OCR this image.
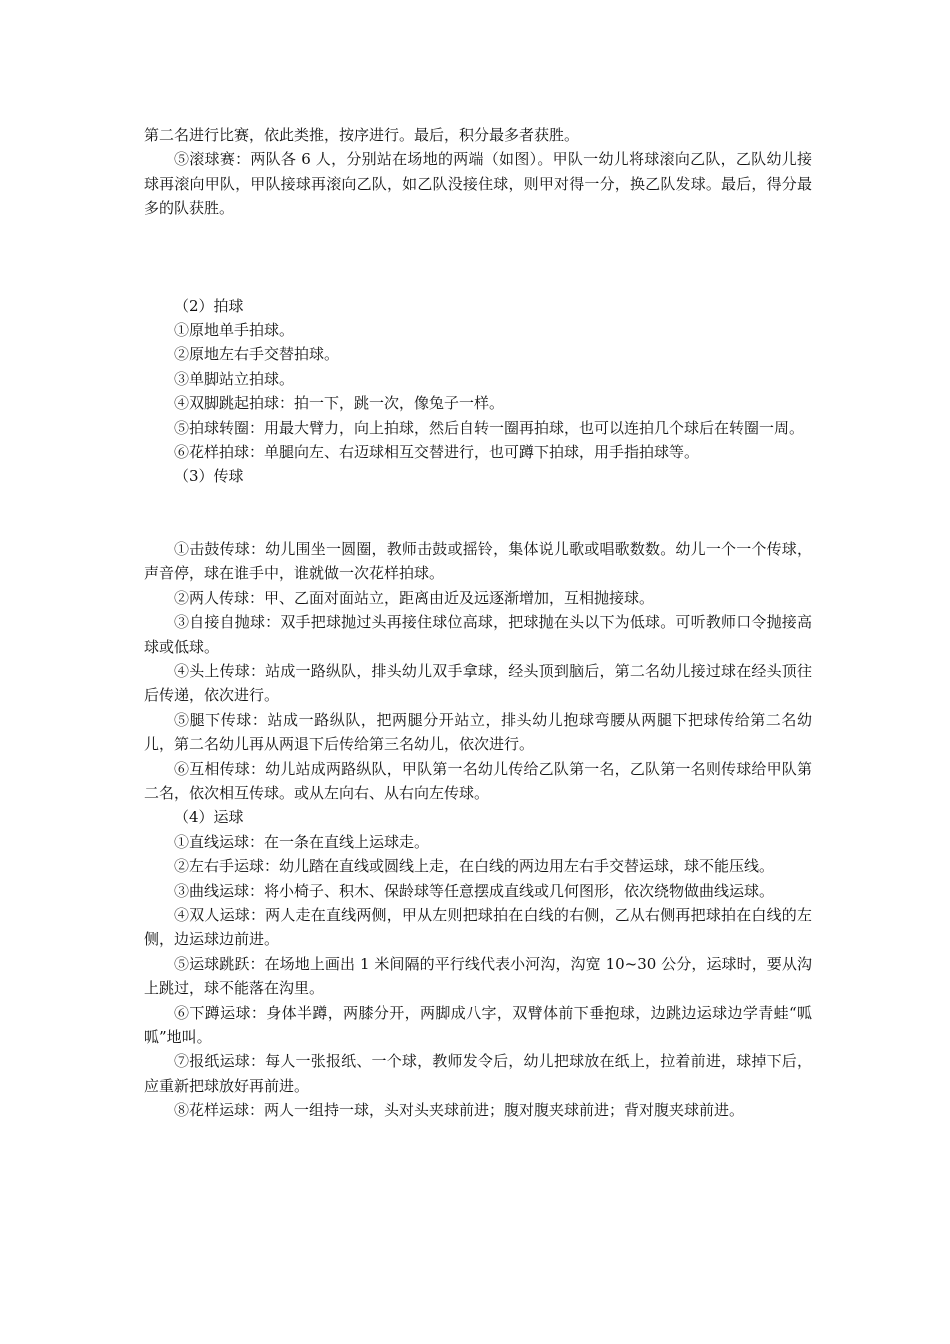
第二名进行比赛，依此类推，按序进行。最后，积分最多者获胜。

⑤滚球赛：两队各 6 人，分别站在场地的两端（如图）。甲队一幼儿将球滚向乙队，乙队幼儿接球再滚向甲队，甲队接球再滚向乙队，如乙队没接住球，则甲对得一分，换乙队发球。最后，得分最多的队获胜。

（2）拍球

①原地单手拍球。

②原地左右手交替拍球。

③单脚站立拍球。

④双脚跳起拍球：拍一下，跳一次，像兔子一样。

⑤拍球转圈：用最大臂力，向上拍球，然后自转一圈再拍球，也可以连拍几个球后在转圈一周。

⑥花样拍球：单腿向左、右迈球相互交替进行，也可蹲下拍球，用手指拍球等。

（3）传球

①击鼓传球：幼儿围坐一圆圈，教师击鼓或摇铃，集体说儿歌或唱歌数数。幼儿一个一个传球，声音停，球在谁手中，谁就做一次花样拍球。

②两人传球：甲、乙面对面站立，距离由近及远逐渐增加，互相抛接球。

③自接自抛球：双手把球抛过头再接住球位高球，把球抛在头以下为低球。可听教师口令抛接高球或低球。

④头上传球：站成一路纵队，排头幼儿双手拿球，经头顶到脑后，第二名幼儿接过球在经头顶往后传递，依次进行。

⑤腿下传球：站成一路纵队，把两腿分开站立，排头幼儿抱球弯腰从两腿下把球传给第二名幼儿，第二名幼儿再从两退下后传给第三名幼儿，依次进行。

⑥互相传球：幼儿站成两路纵队，甲队第一名幼儿传给乙队第一名，乙队第一名则传球给甲队第二名，依次相互传球。或从左向右、从右向左传球。

（4）运球

①直线运球：在一条在直线上运球走。

②左右手运球：幼儿踏在直线或圆线上走，在白线的两边用左右手交替运球，球不能压线。

③曲线运球：将小椅子、积木、保龄球等任意摆成直线或几何图形，依次绕物做曲线运球。

④双人运球：两人走在直线两侧，甲从左则把球拍在白线的右侧，乙从右侧再把球拍在白线的左侧，边运球边前进。

⑤运球跳跃：在场地上画出 1 米间隔的平行线代表小河沟，沟宽 10~30 公分，运球时，要从沟上跳过，球不能落在沟里。

⑥下蹲运球：身体半蹲，两膝分开，两脚成八字，双臂体前下垂抱球，边跳边运球边学青蛙“呱呱”地叫。

⑦报纸运球：每人一张报纸、一个球，教师发令后，幼儿把球放在纸上，拉着前进，球掉下后，应重新把球放好再前进。

⑧花样运球：两人一组持一球，头对头夹球前进；腹对腹夹球前进；背对腹夹球前进。
